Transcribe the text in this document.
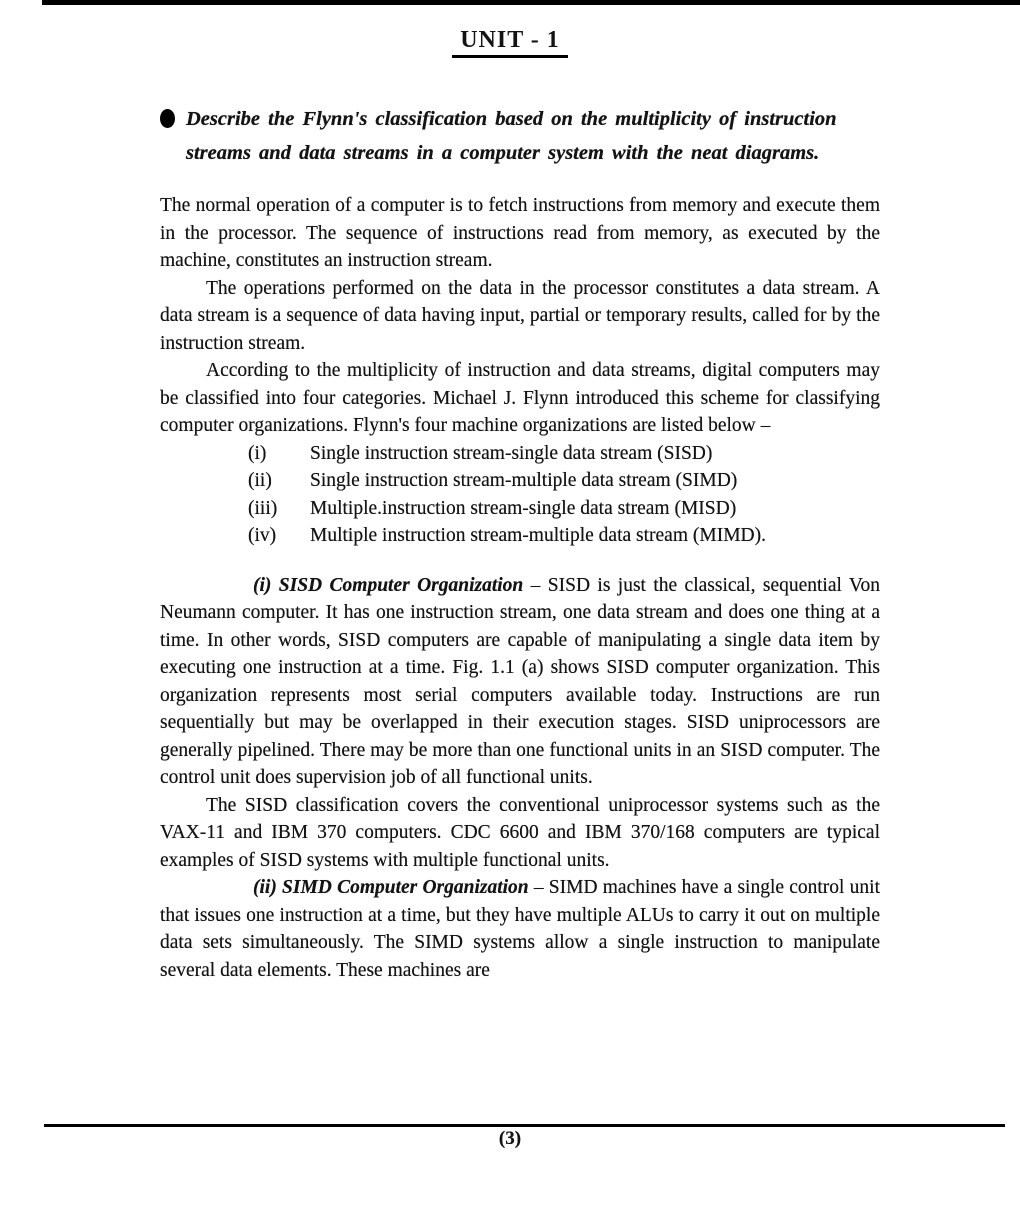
UNIT - 1
Describe the Flynn's classification based on the multiplicity of instruction streams and data streams in a computer system with the neat diagrams.

The normal operation of a computer is to fetch instructions from memory and execute them in the processor. The sequence of instructions read from memory, as executed by the machine, constitutes an instruction stream.

The operations performed on the data in the processor constitutes a data stream. A data stream is a sequence of data having input, partial or temporary results, called for by the instruction stream.

According to the multiplicity of instruction and data streams, digital computers may be classified into four categories. Michael J. Flynn introduced this scheme for classifying computer organizations. Flynn's four machine organizations are listed below –

(i)	Single instruction stream-single data stream (SISD)
(ii)	Single instruction stream-multiple data stream (SIMD)
(iii)	Multiple.instruction stream-single data stream (MISD)
(iv)	Multiple instruction stream-multiple data stream (MIMD).

(i) SISD Computer Organization – SISD is just the classical, sequential Von Neumann computer. It has one instruction stream, one data stream and does one thing at a time. In other words, SISD computers are capable of manipulating a single data item by executing one instruction at a time. Fig. 1.1 (a) shows SISD computer organization. This organization represents most serial computers available today. Instructions are run sequentially but may be overlapped in their execution stages. SISD uniprocessors are generally pipelined. There may be more than one functional units in an SISD computer. The control unit does supervision job of all functional units.

The SISD classification covers the conventional uniprocessor systems such as the VAX-11 and IBM 370 computers. CDC 6600 and IBM 370/168 computers are typical examples of SISD systems with multiple functional units.

(ii) SIMD Computer Organization – SIMD machines have a single control unit that issues one instruction at a time, but they have multiple ALUs to carry it out on multiple data sets simultaneously. The SIMD systems allow a single instruction to manipulate several data elements. These machines are

(3)
